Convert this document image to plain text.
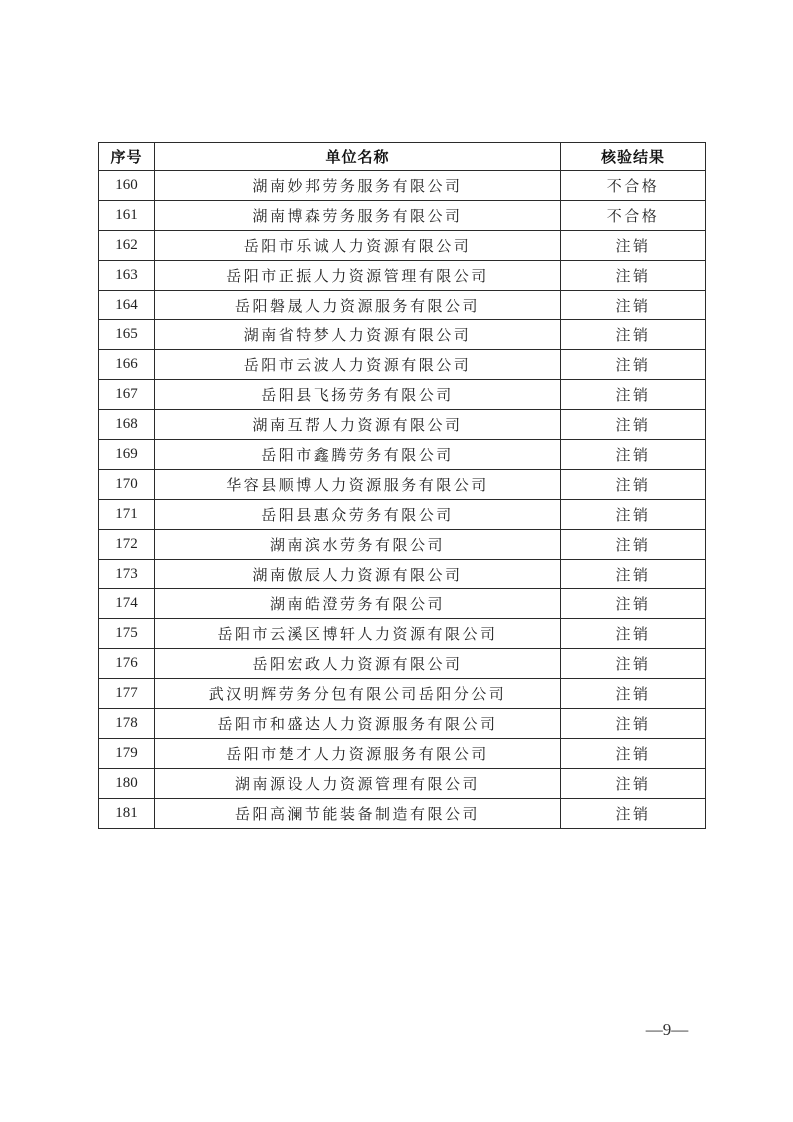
序号	单位名称	核验结果
160	湖南妙邦劳务服务有限公司	不合格
161	湖南博森劳务服务有限公司	不合格
162	岳阳市乐诚人力资源有限公司	注销
163	岳阳市正振人力资源管理有限公司	注销
164	岳阳磐晟人力资源服务有限公司	注销
165	湖南省特梦人力资源有限公司	注销
166	岳阳市云波人力资源有限公司	注销
167	岳阳县飞扬劳务有限公司	注销
168	湖南互帮人力资源有限公司	注销
169	岳阳市鑫腾劳务有限公司	注销
170	华容县顺博人力资源服务有限公司	注销
171	岳阳县惠众劳务有限公司	注销
172	湖南滨水劳务有限公司	注销
173	湖南傲辰人力资源有限公司	注销
174	湖南皓澄劳务有限公司	注销
175	岳阳市云溪区博轩人力资源有限公司	注销
176	岳阳宏政人力资源有限公司	注销
177	武汉明辉劳务分包有限公司岳阳分公司	注销
178	岳阳市和盛达人力资源服务有限公司	注销
179	岳阳市楚才人力资源服务有限公司	注销
180	湖南源设人力资源管理有限公司	注销
181	岳阳高澜节能装备制造有限公司	注销
—9—
